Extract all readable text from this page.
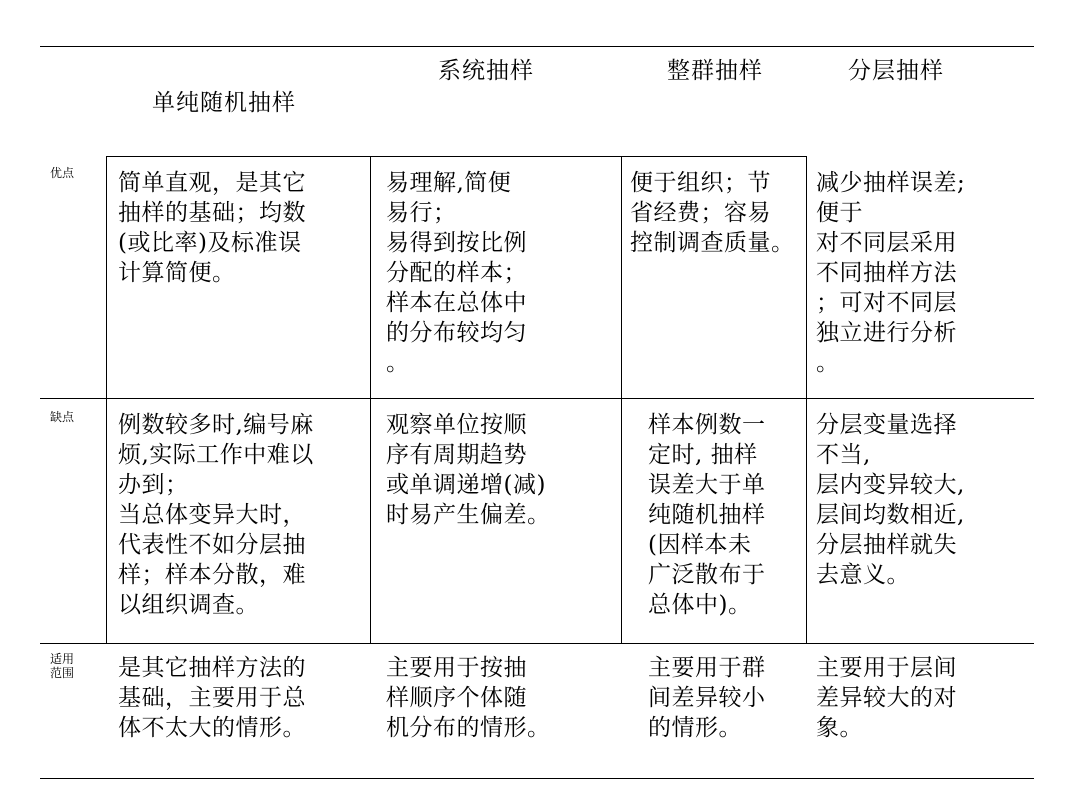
单纯随机抽样
系统抽样	整群抽样	分层抽样
优点 简单直观，是其它
抽样的基础；均数
(或比率)及标准误
计算简便。
易理解,简便
易行；
易得到按比例
分配的样本；
样本在总体中
的分布较均匀
。
便于组织；节
省经费；容易
控制调查质量。
减少抽样误差;
便于
对不同层采用
不同抽样方法
；可对不同层
独立进行分析
。
缺点 例数较多时,编号麻
烦,实际工作中难以
办到；
当总体变异大时，
代表性不如分层抽
样；样本分散，难
以组织调查。
观察单位按顺
序有周期趋势
或单调递增(减)
时易产生偏差。
样本例数一
定时, 抽样
误差大于单
纯随机抽样
(因样本未
广泛散布于
总体中)。
分层变量选择
不当,
层内变异较大,
层间均数相近,
分层抽样就失
去意义。
适用
范围 是其它抽样方法的
基础，主要用于总
体不太大的情形。
主要用于按抽
样顺序个体随
机分布的情形。
主要用于群
间差异较小
的情形。
主要用于层间
差异较大的对
象。
